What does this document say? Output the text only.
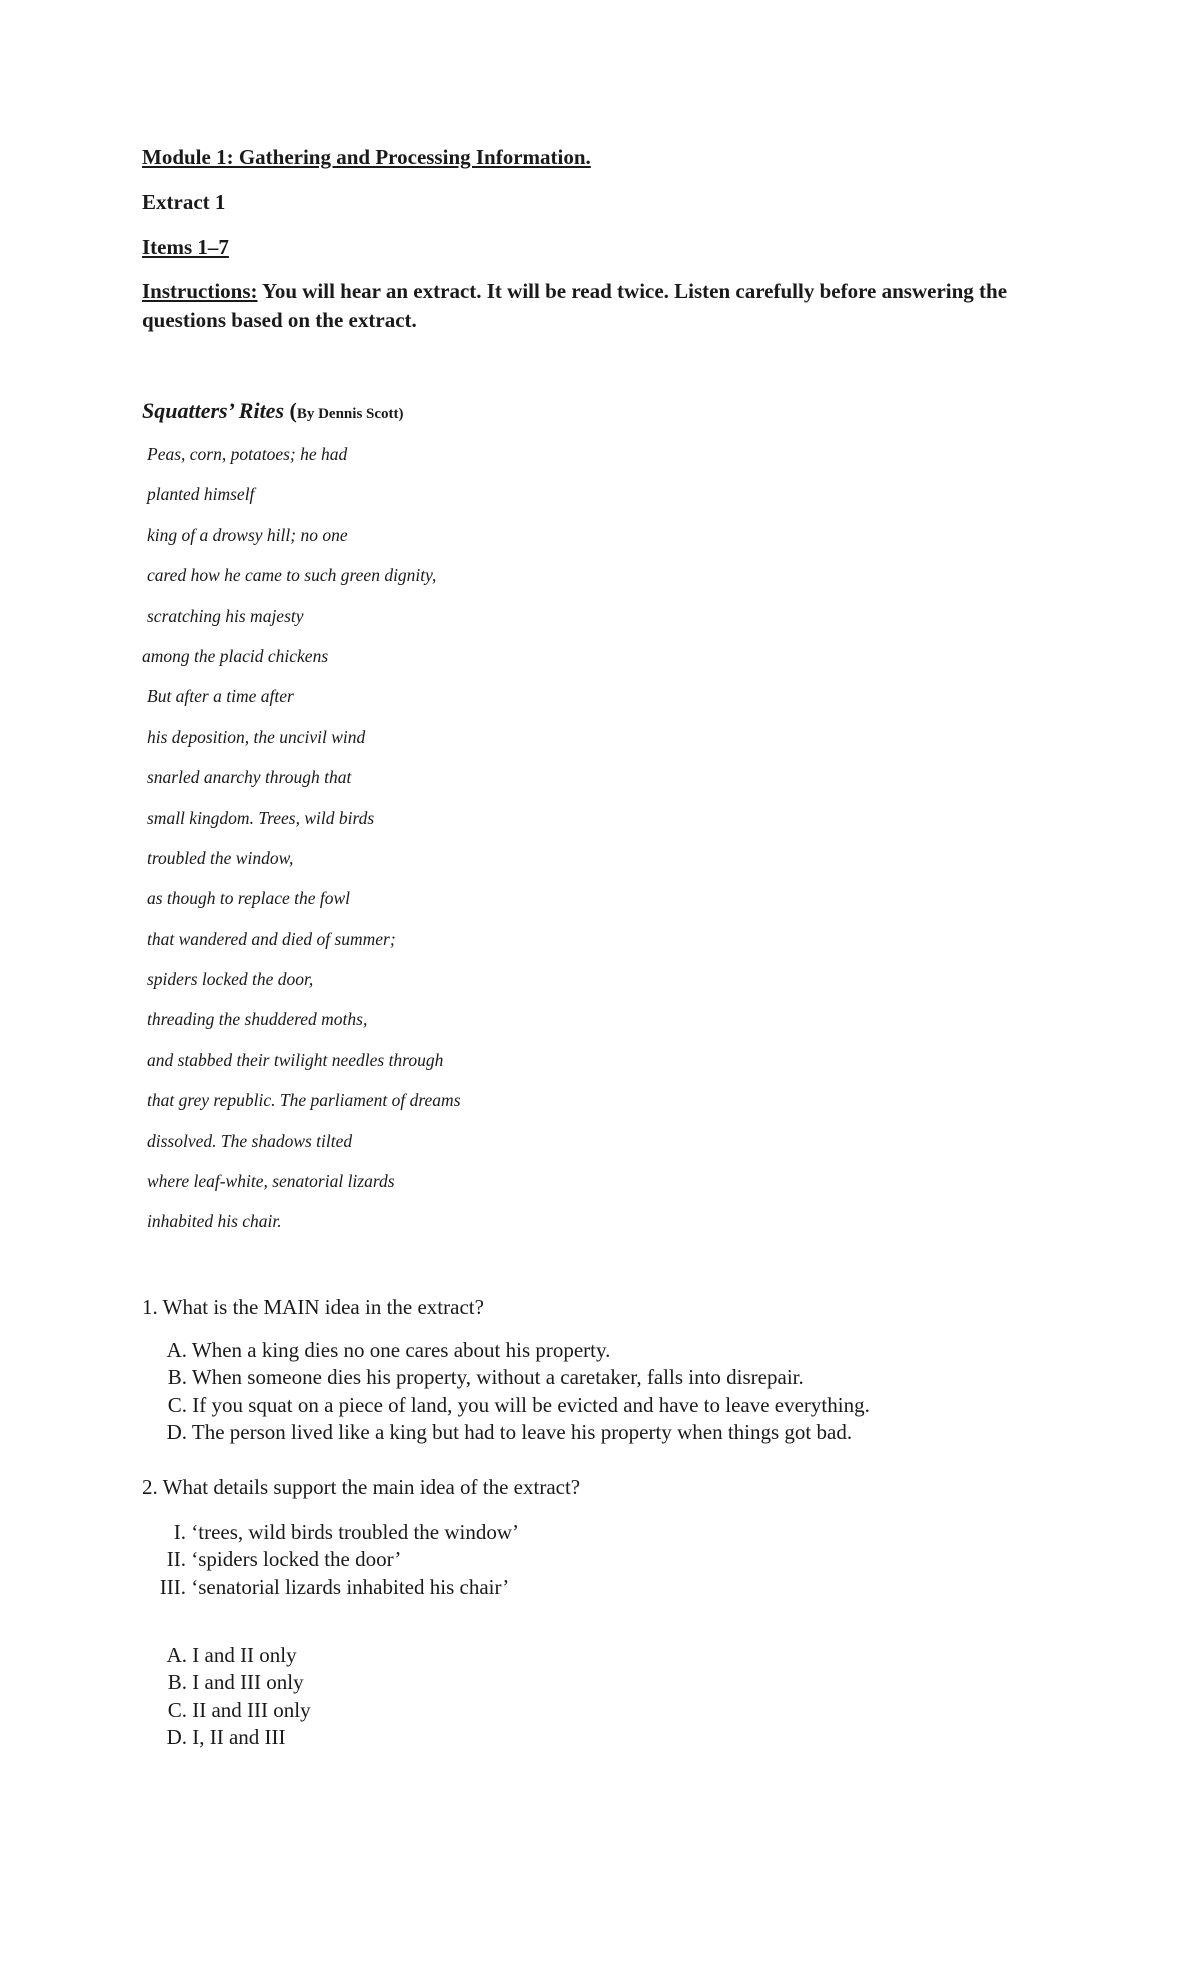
Module 1: Gathering and Processing Information.
Extract 1
Items 1–7
Instructions: You will hear an extract. It will be read twice. Listen carefully before answering the questions based on the extract.
Squatters’ Rites (By Dennis Scott)
Peas, corn, potatoes; he had
planted himself
king of a drowsy hill; no one
cared how he came to such green dignity,
scratching his majesty
among the placid chickens
But after a time after
his deposition, the uncivil wind
snarled anarchy through that
small kingdom. Trees, wild birds
troubled the window,
as though to replace the fowl
that wandered and died of summer;
spiders locked the door,
threading the shuddered moths,
and stabbed their twilight needles through
that grey republic. The parliament of dreams
dissolved. The shadows tilted
where leaf-white, senatorial lizards
inhabited his chair.
1. What is the MAIN idea in the extract?
A. When a king dies no one cares about his property.
B. When someone dies his property, without a caretaker, falls into disrepair.
C. If you squat on a piece of land, you will be evicted and have to leave everything.
D. The person lived like a king but had to leave his property when things got bad.
2. What details support the main idea of the extract?
I. ‘trees, wild birds troubled the window’
II. ‘spiders locked the door’
III. ‘senatorial lizards inhabited his chair’
A. I and II only
B. I and III only
C. II and III only
D. I, II and III
